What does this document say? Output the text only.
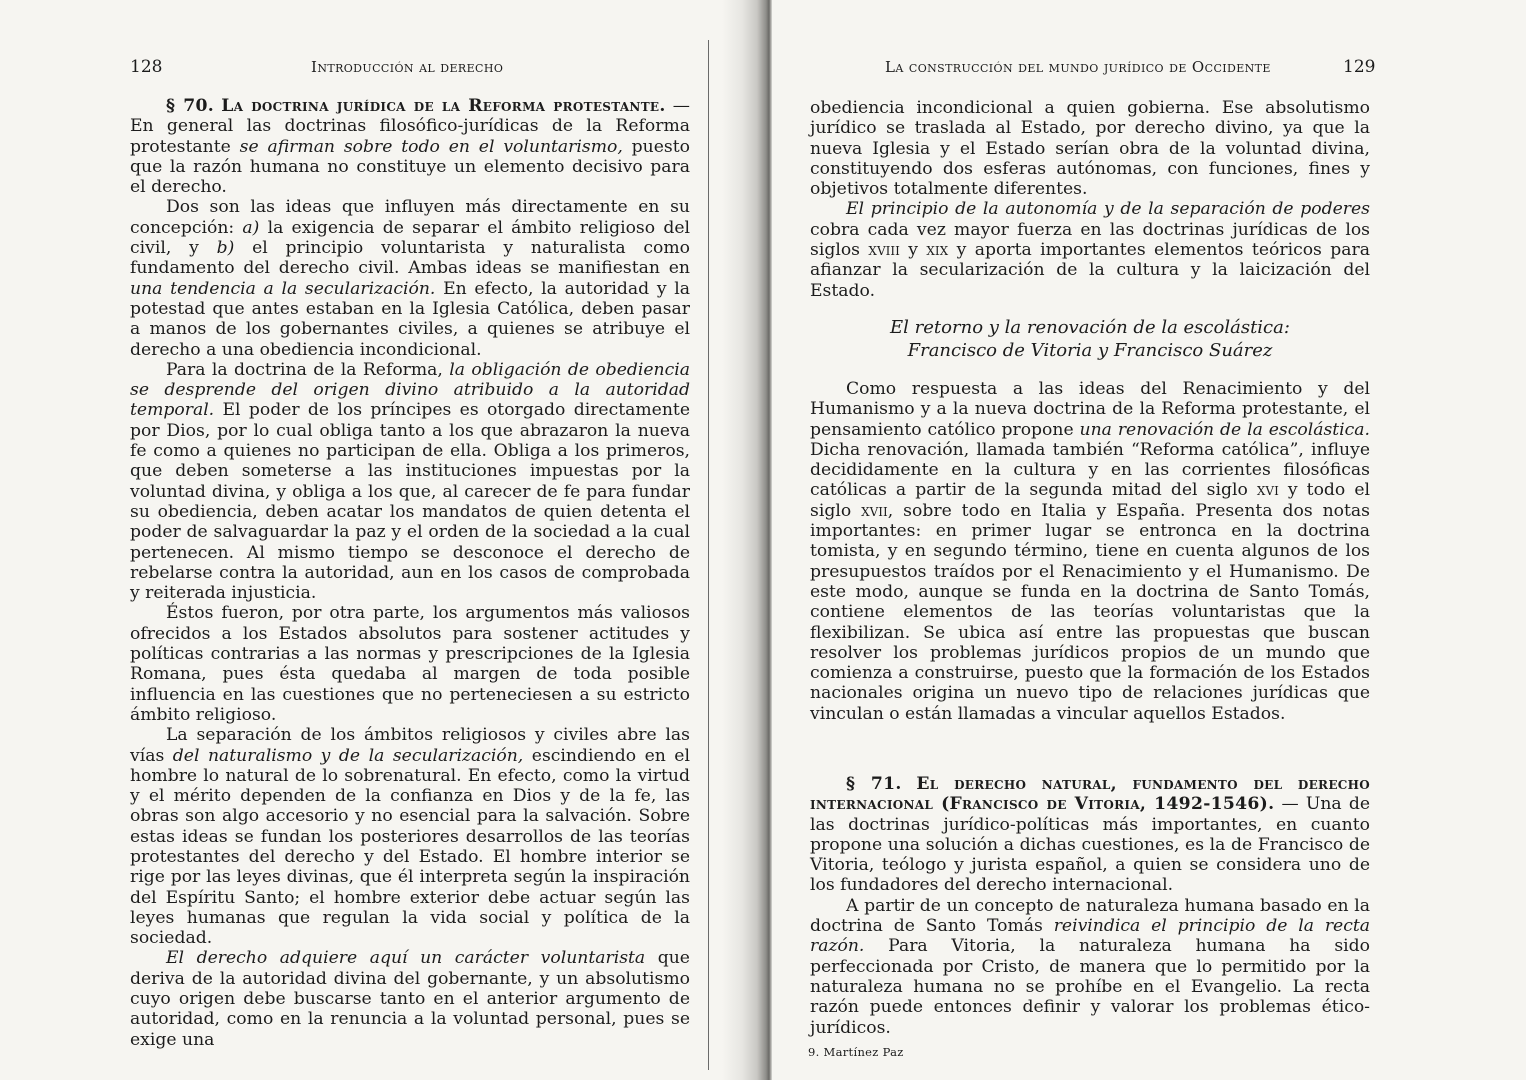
128	Introducción al derecho

§ 70. La doctrina jurídica de la Reforma protestante. — En general las doctrinas filosófico-jurídicas de la Reforma protestante se afirman sobre todo en el voluntarismo, puesto que la razón humana no constituye un elemento decisivo para el derecho.

Dos son las ideas que influyen más directamente en su concepción: a) la exigencia de separar el ámbito religioso del civil, y b) el principio voluntarista y naturalista como fundamento del derecho civil. Ambas ideas se manifiestan en una tendencia a la secularización. En efecto, la autoridad y la potestad que antes estaban en la Iglesia Católica, deben pasar a manos de los gobernantes civiles, a quienes se atribuye el derecho a una obediencia incondicional.

Para la doctrina de la Reforma, la obligación de obediencia se desprende del origen divino atribuido a la autoridad temporal. El poder de los príncipes es otorgado directamente por Dios, por lo cual obliga tanto a los que abrazaron la nueva fe como a quienes no participan de ella. Obliga a los primeros, que deben someterse a las instituciones impuestas por la voluntad divina, y obliga a los que, al carecer de fe para fundar su obediencia, deben acatar los mandatos de quien detenta el poder de salvaguardar la paz y el orden de la sociedad a la cual pertenecen. Al mismo tiempo se desconoce el derecho de rebelarse contra la autoridad, aun en los casos de comprobada y reiterada injusticia.

Éstos fueron, por otra parte, los argumentos más valiosos ofrecidos a los Estados absolutos para sostener actitudes y políticas contrarias a las normas y prescripciones de la Iglesia Romana, pues ésta quedaba al margen de toda posible influencia en las cuestiones que no perteneciesen a su estricto ámbito religioso.

La separación de los ámbitos religiosos y civiles abre las vías del naturalismo y de la secularización, escindiendo en el hombre lo natural de lo sobrenatural. En efecto, como la virtud y el mérito dependen de la confianza en Dios y de la fe, las obras son algo accesorio y no esencial para la salvación. Sobre estas ideas se fundan los posteriores desarrollos de las teorías protestantes del derecho y del Estado. El hombre interior se rige por las leyes divinas, que él interpreta según la inspiración del Espíritu Santo; el hombre exterior debe actuar según las leyes humanas que regulan la vida social y política de la sociedad.

El derecho adquiere aquí un carácter voluntarista que deriva de la autoridad divina del gobernante, y un absolutismo cuyo origen debe buscarse tanto en el anterior argumento de autoridad, como en la renuncia a la voluntad personal, pues se exige una

La construcción del mundo jurídico de Occidente	129

obediencia incondicional a quien gobierna. Ese absolutismo jurídico se traslada al Estado, por derecho divino, ya que la nueva Iglesia y el Estado serían obra de la voluntad divina, constituyendo dos esferas autónomas, con funciones, fines y objetivos totalmente diferentes.

El principio de la autonomía y de la separación de poderes cobra cada vez mayor fuerza en las doctrinas jurídicas de los siglos xviii y xix y aporta importantes elementos teóricos para afianzar la secularización de la cultura y la laicización del Estado.

El retorno y la renovación de la escolástica:
Francisco de Vitoria y Francisco Suárez

Como respuesta a las ideas del Renacimiento y del Humanismo y a la nueva doctrina de la Reforma protestante, el pensamiento católico propone una renovación de la escolástica. Dicha renovación, llamada también “Reforma católica”, influye decididamente en la cultura y en las corrientes filosóficas católicas a partir de la segunda mitad del siglo xvi y todo el siglo xvii, sobre todo en Italia y España. Presenta dos notas importantes: en primer lugar se entronca en la doctrina tomista, y en segundo término, tiene en cuenta algunos de los presupuestos traídos por el Renacimiento y el Humanismo. De este modo, aunque se funda en la doctrina de Santo Tomás, contiene elementos de las teorías voluntaristas que la flexibilizan. Se ubica así entre las propuestas que buscan resolver los problemas jurídicos propios de un mundo que comienza a construirse, puesto que la formación de los Estados nacionales origina un nuevo tipo de relaciones jurídicas que vinculan o están llamadas a vincular aquellos Estados.

§ 71. El derecho natural, fundamento del derecho internacional (Francisco de Vitoria, 1492-1546). — Una de las doctrinas jurídico-políticas más importantes, en cuanto propone una solución a dichas cuestiones, es la de Francisco de Vitoria, teólogo y jurista español, a quien se considera uno de los fundadores del derecho internacional.

A partir de un concepto de naturaleza humana basado en la doctrina de Santo Tomás reivindica el principio de la recta razón. Para Vitoria, la naturaleza humana ha sido perfeccionada por Cristo, de manera que lo permitido por la naturaleza humana no se prohíbe en el Evangelio. La recta razón puede entonces definir y valorar los problemas ético-jurídicos.

9. Martínez Paz
